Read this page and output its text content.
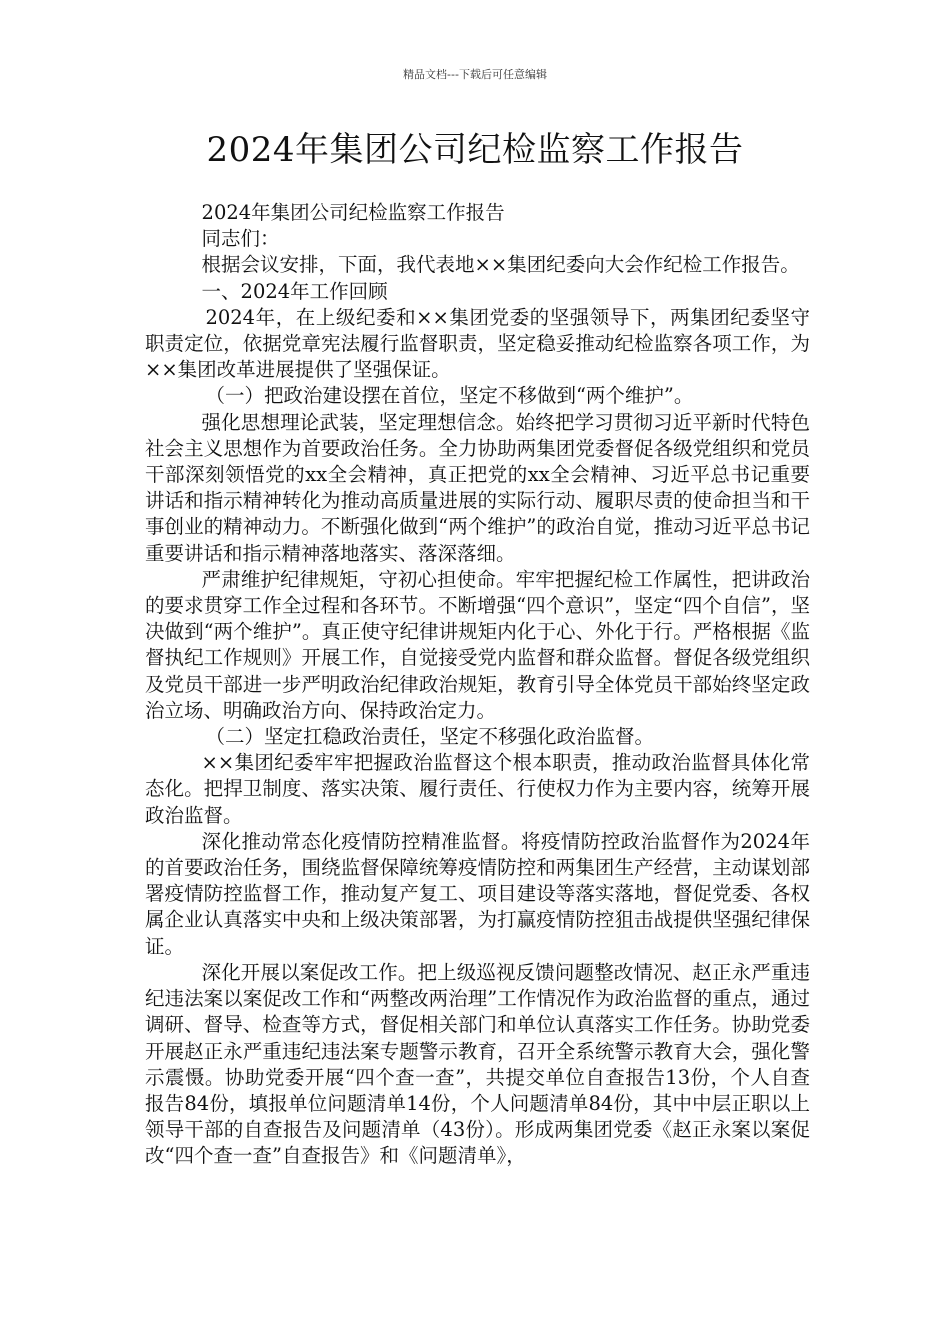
精品文档---下载后可任意编辑
2024年集团公司纪检监察工作报告

2024年集团公司纪检监察工作报告

同志们：

根据会议安排，下面，我代表地××集团纪委向大会作纪检工作报告。

一、2024年工作回顾

2024年，在上级纪委和××集团党委的坚强领导下，两集团纪委坚守职责定位，依据党章宪法履行监督职责，坚定稳妥推动纪检监察各项工作，为××集团改革进展提供了坚强保证。

（一）把政治建设摆在首位，坚定不移做到“两个维护”。

强化思想理论武装，坚定理想信念。始终把学习贯彻习近平新时代特色社会主义思想作为首要政治任务。全力协助两集团党委督促各级党组织和党员干部深刻领悟党的xx全会精神，真正把党的xx全会精神、习近平总书记重要讲话和指示精神转化为推动高质量进展的实际行动、履职尽责的使命担当和干事创业的精神动力。不断强化做到“两个维护”的政治自觉，推动习近平总书记重要讲话和指示精神落地落实、落深落细。

严肃维护纪律规矩，守初心担使命。牢牢把握纪检工作属性，把讲政治的要求贯穿工作全过程和各环节。不断增强“四个意识”，坚定“四个自信”，坚决做到“两个维护”。真正使守纪律讲规矩内化于心、外化于行。严格根据《监督执纪工作规则》开展工作，自觉接受党内监督和群众监督。督促各级党组织及党员干部进一步严明政治纪律政治规矩，教育引导全体党员干部始终坚定政治立场、明确政治方向、保持政治定力。

（二）坚定扛稳政治责任，坚定不移强化政治监督。

××集团纪委牢牢把握政治监督这个根本职责，推动政治监督具体化常态化。把捍卫制度、落实决策、履行责任、行使权力作为主要内容，统筹开展政治监督。

深化推动常态化疫情防控精准监督。将疫情防控政治监督作为2024年的首要政治任务，围绕监督保障统筹疫情防控和两集团生产经营，主动谋划部署疫情防控监督工作，推动复产复工、项目建设等落实落地，督促党委、各权属企业认真落实中央和上级决策部署，为打赢疫情防控狙击战提供坚强纪律保证。

深化开展以案促改工作。把上级巡视反馈问题整改情况、赵正永严重违纪违法案以案促改工作和“两整改两治理”工作情况作为政治监督的重点，通过调研、督导、检查等方式，督促相关部门和单位认真落实工作任务。协助党委开展赵正永严重违纪违法案专题警示教育，召开全系统警示教育大会，强化警示震慑。协助党委开展“四个查一查”，共提交单位自查报告13份，个人自查报告84份，填报单位问题清单14份，个人问题清单84份，其中中层正职以上领导干部的自查报告及问题清单（43份）。形成两集团党委《赵正永案以案促改“四个查一查”自查报告》和《问题清单》，
